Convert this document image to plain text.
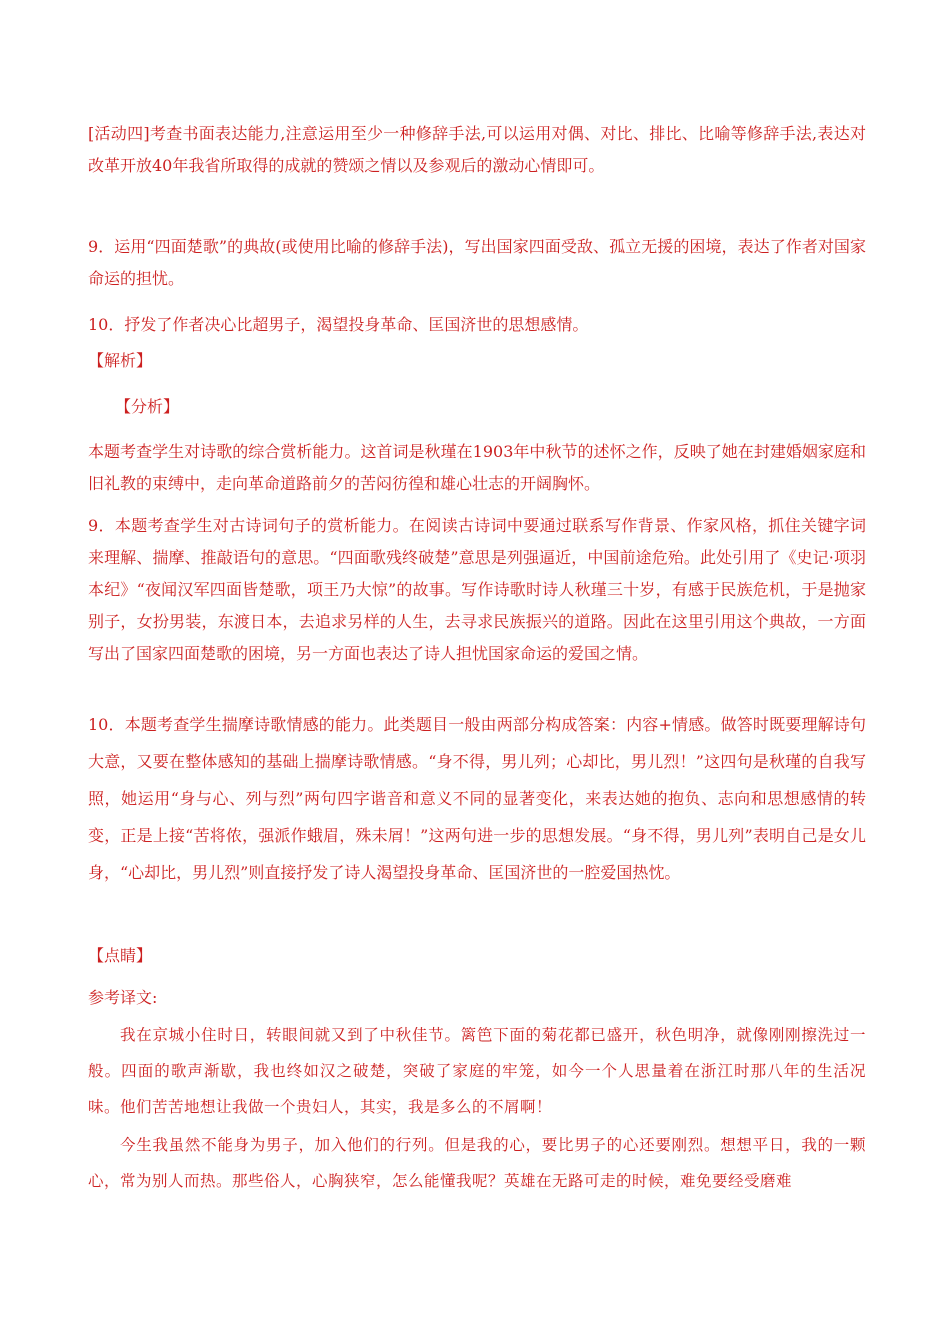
[活动四]考查书面表达能力,注意运用至少一种修辞手法,可以运用对偶、对比、排比、比喻等修辞手法,表达对改革开放40年我省所取得的成就的赞颂之情以及参观后的激动心情即可。

9．运用“四面楚歌”的典故(或使用比喻的修辞手法)，写出国家四面受敌、孤立无援的困境，表达了作者对国家命运的担忧。

10．抒发了作者决心比超男子，渴望投身革命、匡国济世的思想感情。

【解析】

【分析】

本题考查学生对诗歌的综合赏析能力。这首词是秋瑾在1903年中秋节的述怀之作，反映了她在封建婚姻家庭和旧礼教的束缚中，走向革命道路前夕的苦闷彷徨和雄心壮志的开阔胸怀。

9．本题考查学生对古诗词句子的赏析能力。在阅读古诗词中要通过联系写作背景、作家风格，抓住关键字词来理解、揣摩、推敲语句的意思。“四面歌残终破楚”意思是列强逼近，中国前途危殆。此处引用了《史记·项羽本纪》“夜闻汉军四面皆楚歌，项王乃大惊”的故事。写作诗歌时诗人秋瑾三十岁，有感于民族危机，于是抛家别子，女扮男装，东渡日本，去追求另样的人生，去寻求民族振兴的道路。因此在这里引用这个典故，一方面写出了国家四面楚歌的困境，另一方面也表达了诗人担忧国家命运的爱国之情。

10．本题考查学生揣摩诗歌情感的能力。此类题目一般由两部分构成答案：内容+情感。做答时既要理解诗句大意，又要在整体感知的基础上揣摩诗歌情感。“身不得，男儿列；心却比，男儿烈！”这四句是秋瑾的自我写照，她运用“身与心、列与烈”两句四字谐音和意义不同的显著变化，来表达她的抱负、志向和思想感情的转变，正是上接“苦将侬，强派作蛾眉，殊未屑！”这两句进一步的思想发展。“身不得，男儿列”表明自己是女儿身，“心却比，男儿烈”则直接抒发了诗人渴望投身革命、匡国济世的一腔爱国热忱。

【点睛】

参考译文:

我在京城小住时日，转眼间就又到了中秋佳节。篱笆下面的菊花都已盛开，秋色明净，就像刚刚擦洗过一般。四面的歌声渐歇，我也终如汉之破楚，突破了家庭的牢笼，如今一个人思量着在浙江时那八年的生活况味。他们苦苦地想让我做一个贵妇人，其实，我是多么的不屑啊！

今生我虽然不能身为男子，加入他们的行列。但是我的心，要比男子的心还要刚烈。想想平日，我的一颗心，常为别人而热。那些俗人，心胸狭窄，怎么能懂我呢？英雄在无路可走的时候，难免要经受磨难
